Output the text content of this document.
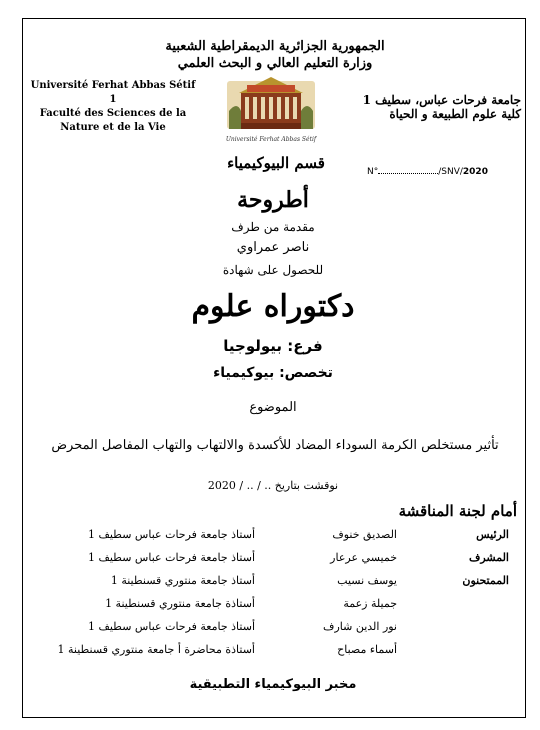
الجمهورية الجزائرية الديمقراطية الشعبية
وزارة التعليم العالي و البحث العلمي
Université Ferhat Abbas Sétif 1
Faculté des Sciences de la
Nature et de la Vie
جامعة فرحات عباس، سطيف 1
كلية علوم الطبيعة و الحياة
Université Ferhat Abbas Sétif
قسم البيوكيمياء	N°	/SNV/2020
أطروحة
مقدمة من طرف
ناصر عمراوي
للحصول على شهادة
دكتوراه علوم
فرع: بيولوجيا
تخصص: بيوكيمياء
الموضوع
تأثير مستخلص الكرمة السوداء المضاد للأكسدة والالتهاب والتهاب المفاصل المحرض
نوقشت بتاريخ .. / .. / 2020
أمام لجنة المناقشة
الرئيس
الصديق خنوف
أستاذ جامعة فرحات عباس سطيف 1
المشرف
خميسي عرعار
أستاذ جامعة فرحات عباس سطيف 1
الممتحنون
يوسف نسيب
أستاذ جامعة منتوري قسنطينة 1
جميلة زعمة
أستاذة جامعة منتوري قسنطينة 1
نور الدين شارف
أستاذ جامعة فرحات عباس سطيف 1
أسماء مصباح
أستاذة محاضرة أ جامعة منتوري قسنطينة 1
مخبر البيوكيمياء التطبيقية
